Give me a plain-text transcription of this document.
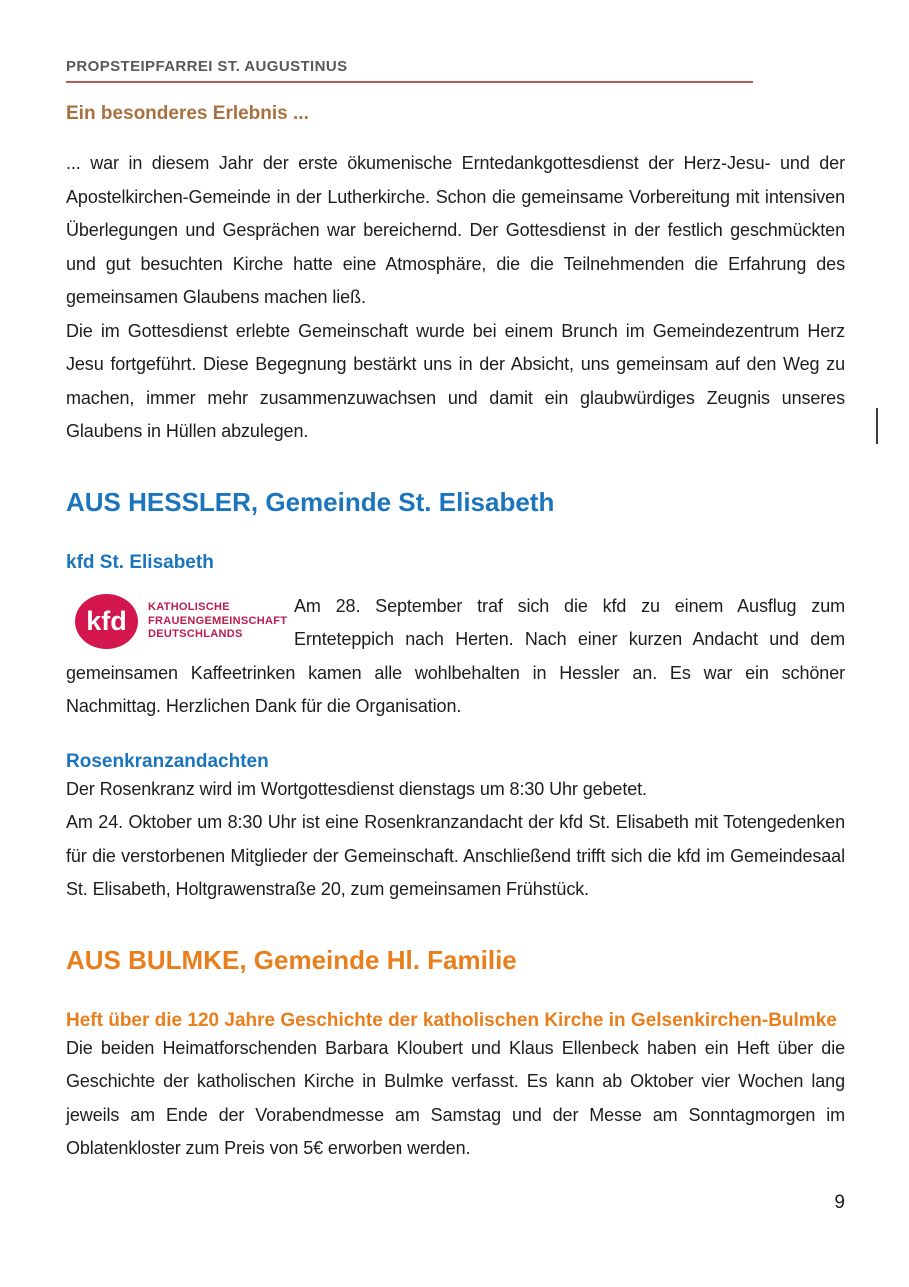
PROPSTEIPFARREI ST. AUGUSTINUS
Ein besonderes Erlebnis ...

... war in diesem Jahr der erste ökumenische Erntedankgottesdienst der Herz-Jesu- und der Apostelkirchen-Gemeinde in der Lutherkirche. Schon die gemeinsame Vorbereitung mit intensiven Überlegungen und Gesprächen war bereichernd. Der Gottesdienst in der festlich geschmückten und gut besuchten Kirche hatte eine Atmosphäre, die die Teilnehmenden die Erfahrung des gemeinsamen Glaubens machen ließ.

Die im Gottesdienst erlebte Gemeinschaft wurde bei einem Brunch im Gemeindezentrum Herz Jesu fortgeführt. Diese Begegnung bestärkt uns in der Absicht, uns gemeinsam auf den Weg zu machen, immer mehr zusammenzuwachsen und damit ein glaubwürdiges Zeugnis unseres Glaubens in Hüllen abzulegen.

AUS HESSLER, Gemeinde St. Elisabeth
kfd St. Elisabeth
kfd	KATHOLISCHE
FRAUENGEMEINSCHAFT
DEUTSCHLANDS

Am 28. September traf sich die kfd zu einem Ausflug zum Ernteteppich nach Herten. Nach einer kurzen Andacht und dem gemeinsamen Kaffeetrinken kamen alle wohlbehalten in Hessler an. Es war ein schöner Nachmittag. Herzlichen Dank für die Organisation.

Rosenkranzandachten

Der Rosenkranz wird im Wortgottesdienst dienstags um 8:30 Uhr gebetet.

Am 24. Oktober um 8:30 Uhr ist eine Rosenkranzandacht der kfd St. Elisabeth mit Totengedenken für die verstorbenen Mitglieder der Gemeinschaft. Anschließend trifft sich die kfd im Gemeindesaal St. Elisabeth, Holtgrawenstraße 20, zum gemeinsamen Frühstück.

AUS BULMKE, Gemeinde Hl. Familie
Heft über die 120 Jahre Geschichte der katholischen Kirche in Gelsenkirchen-Bulmke

Die beiden Heimatforschenden Barbara Kloubert und Klaus Ellenbeck haben ein Heft über die Geschichte der katholischen Kirche in Bulmke verfasst. Es kann ab Oktober vier Wochen lang jeweils am Ende der Vorabendmesse am Samstag und der Messe am Sonntagmorgen im Oblatenkloster zum Preis von 5€ erworben werden.

9
